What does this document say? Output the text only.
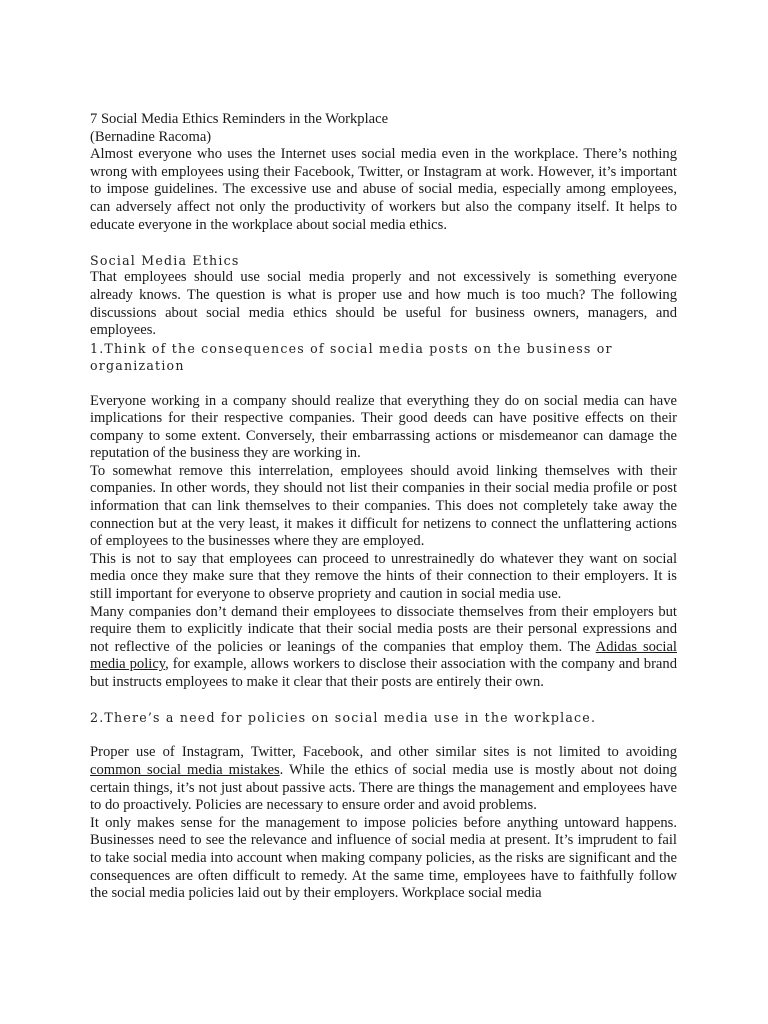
7 Social Media Ethics Reminders in the Workplace

(Bernadine Racoma)

Almost everyone who uses the Internet uses social media even in the workplace. There’s nothing wrong with employees using their Facebook, Twitter, or Instagram at work. However, it’s important to impose guidelines. The excessive use and abuse of social media, especially among employees, can adversely affect not only the productivity of workers but also the company itself. It helps to educate everyone in the workplace about social media ethics.

Social Media Ethics

That employees should use social media properly and not excessively is something everyone already knows. The question is what is proper use and how much is too much? The following discussions about social media ethics should be useful for business owners, managers, and employees.

1.Think of the consequences of social media posts on the business or organization

Everyone working in a company should realize that everything they do on social media can have implications for their respective companies. Their good deeds can have positive effects on their company to some extent. Conversely, their embarrassing actions or misdemeanor can damage the reputation of the business they are working in.

To somewhat remove this interrelation, employees should avoid linking themselves with their companies. In other words, they should not list their companies in their social media profile or post information that can link themselves to their companies. This does not completely take away the connection but at the very least, it makes it difficult for netizens to connect the unflattering actions of employees to the businesses where they are employed.

This is not to say that employees can proceed to unrestrainedly do whatever they want on social media once they make sure that they remove the hints of their connection to their employers. It is still important for everyone to observe propriety and caution in social media use.

Many companies don’t demand their employees to dissociate themselves from their employers but require them to explicitly indicate that their social media posts are their personal expressions and not reflective of the policies or leanings of the companies that employ them. The Adidas social media policy, for example, allows workers to disclose their association with the company and brand but instructs employees to make it clear that their posts are entirely their own.

2.There’s a need for policies on social media use in the workplace.

Proper use of Instagram, Twitter, Facebook, and other similar sites is not limited to avoiding common social media mistakes. While the ethics of social media use is mostly about not doing certain things, it’s not just about passive acts. There are things the management and employees have to do proactively. Policies are necessary to ensure order and avoid problems.

It only makes sense for the management to impose policies before anything untoward happens. Businesses need to see the relevance and influence of social media at present. It’s imprudent to fail to take social media into account when making company policies, as the risks are significant and the consequences are often difficult to remedy. At the same time, employees have to faithfully follow the social media policies laid out by their employers. Workplace social media
